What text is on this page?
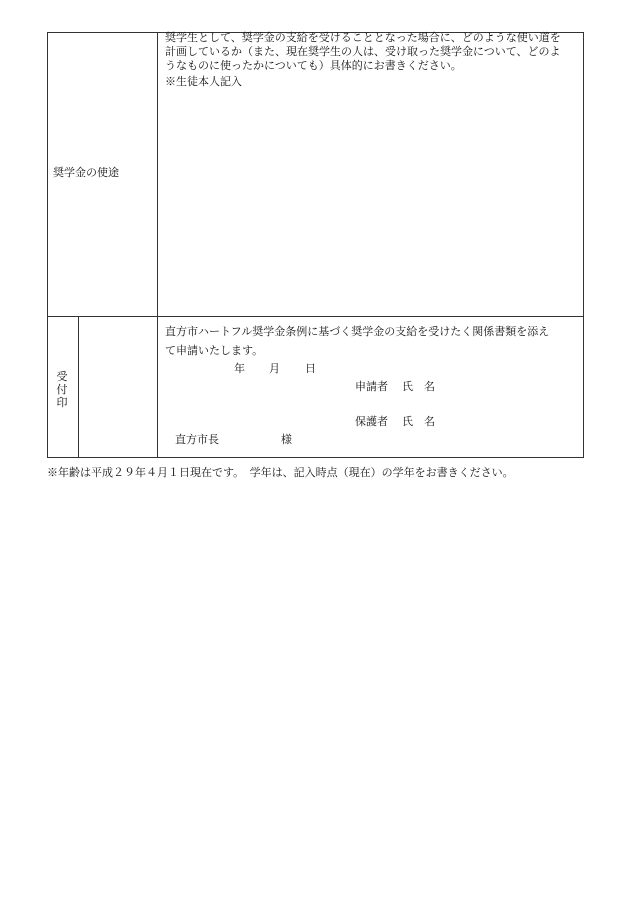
奨学金の使途
奨学生として、奨学金の支給を受けることとなった場合に、どのような使い道を
計画しているか（また、現在奨学生の人は、受け取った奨学金について、どのよ
うなものに使ったかについても）具体的にお書きください。
※生徒本人記入
受付印
直方市ハートフル奨学金条例に基づく奨学金の支給を受けたく関係書類を添え
て申請いたします。
年 月 日
申請者 氏　名
保護者 氏　名
直方市長	様
※年齢は平成２９年４月１日現在です。　学年は、記入時点（現在）の学年をお書きください。
